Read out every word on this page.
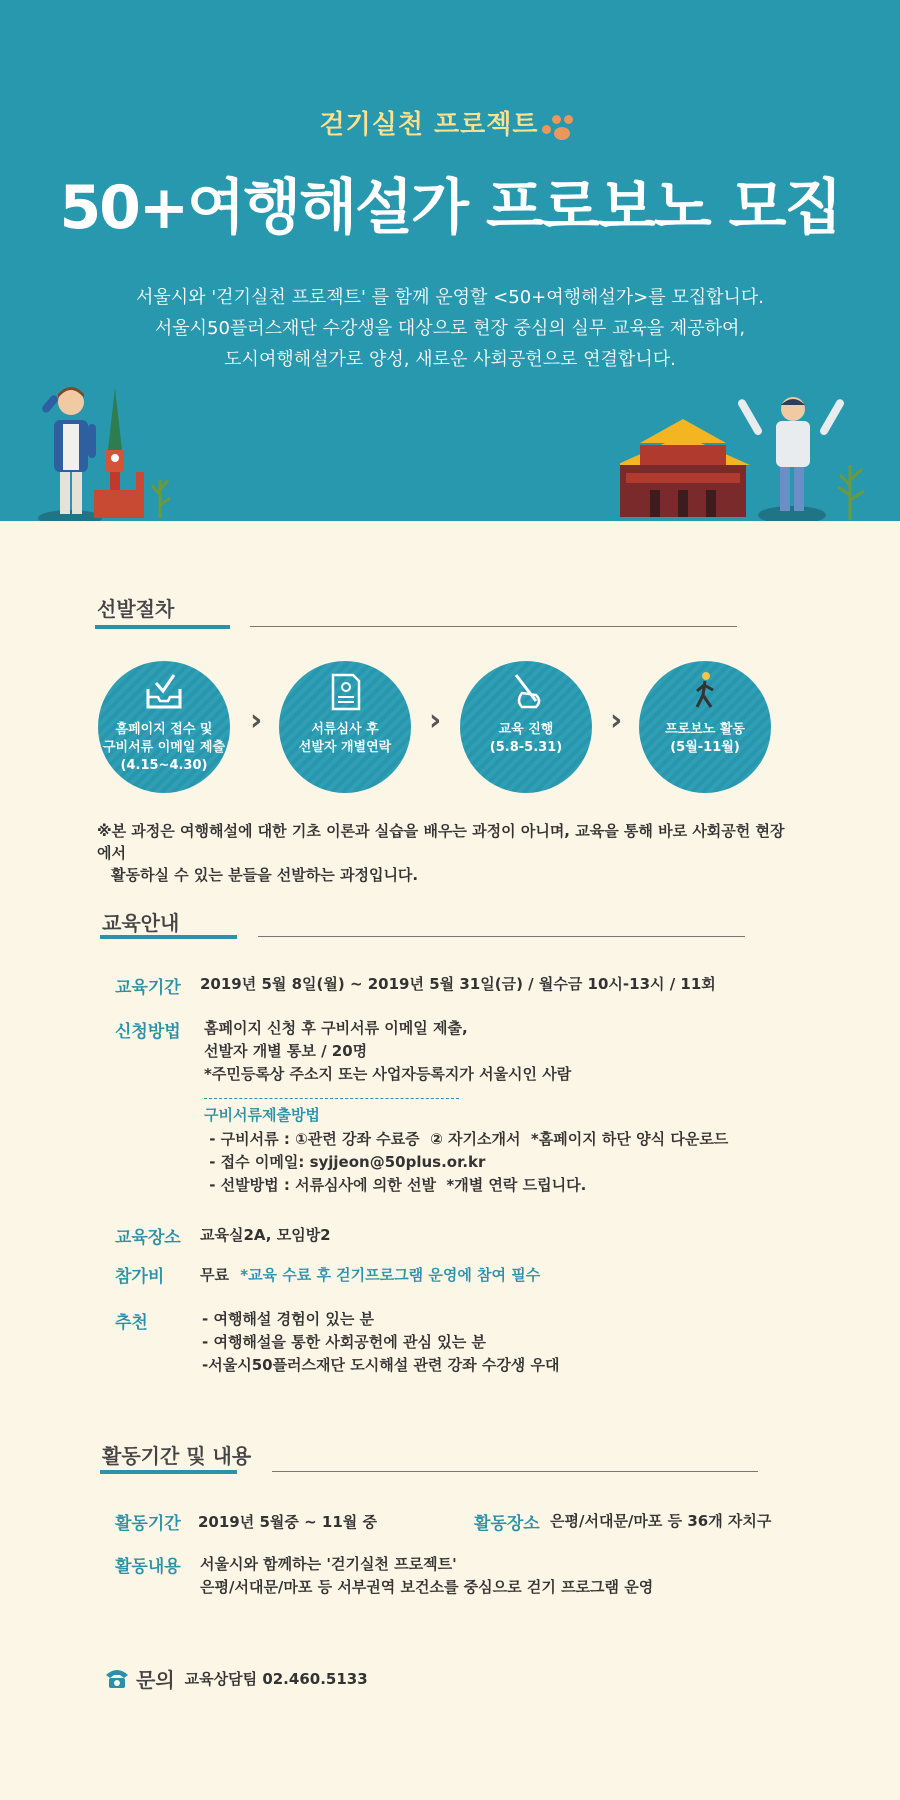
걷기실천 프로젝트
50+여행해설가 프로보노 모집
서울시와 '걷기실천 프로젝트' 를 함께 운영할 <50+여행해설가>를 모집합니다.
서울시50플러스재단 수강생을 대상으로 현장 중심의 실무 교육을 제공하여,
도시여행해설가로 양성, 새로운 사회공헌으로 연결합니다.
선발절차
홈페이지 접수 및
구비서류 이메일 제출
(4.15~4.30)
›	서류심사 후
선발자 개별연락
›	교육 진행
(5.8-5.31)
›	프로보노 활동
(5월-11월)
※본 과정은 여행해설에 대한 기초 이론과 실습을 배우는 과정이 아니며, 교육을 통해 바로 사회공헌 현장에서
활동하실 수 있는 분들을 선발하는 과정입니다.
교육안내
교육기간 2019년 5월 8일(월) ~ 2019년 5월 31일(금) / 월수금 10시-13시 / 11회
신청방법 홈페이지 신청 후 구비서류 이메일 제출,
선발자 개별 통보 / 20명
*주민등록상 주소지 또는 사업자등록지가 서울시인 사람
구비서류제출방법
- 구비서류 : ①관련 강좌 수료증  ② 자기소개서  *홈페이지 하단 양식 다운로드
- 접수 이메일: syjjeon@50plus.or.kr
- 선발방법 : 서류심사에 의한 선발  *개별 연락 드립니다.
교육장소 교육실2A, 모임방2
참가비 무료 *교육 수료 후 걷기프로그램 운영에 참여 필수
추천	- 여행해설 경험이 있는 분
- 여행해설을 통한 사회공헌에 관심 있는 분
-서울시50플러스재단 도시해설 관련 강좌 수강생 우대
활동기간 및 내용
활동기간 2019년 5월중 ~ 11월 중	활동장소 은평/서대문/마포 등 36개 자치구
활동내용 서울시와 함께하는 '걷기실천 프로젝트'
은평/서대문/마포 등 서부권역 보건소를 중심으로 걷기 프로그램 운영
문의 교육상담팀 02.460.5133
